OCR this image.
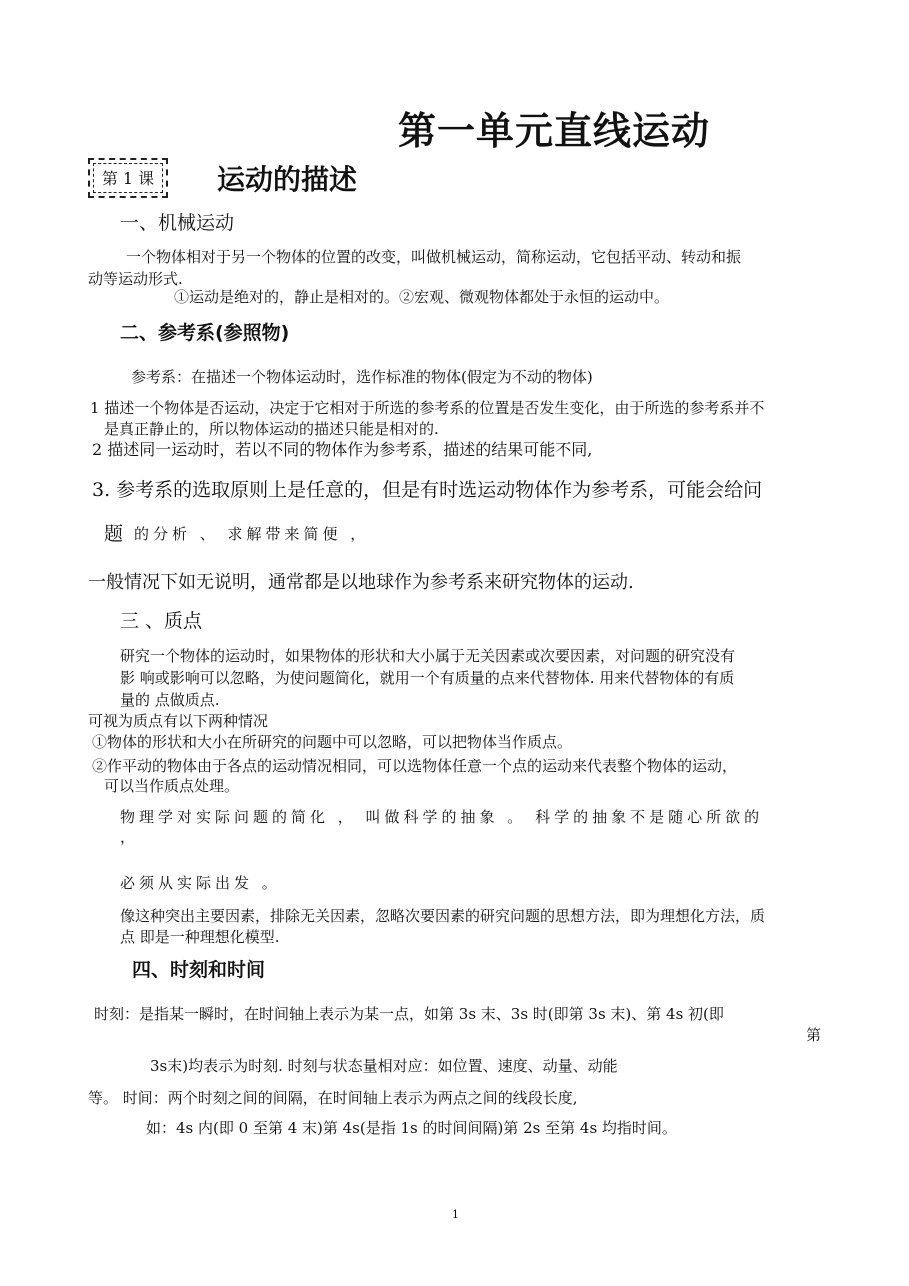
第一单元直线运动
第 1 课	运动的描述
一、机械运动
一个物体相对于另一个物体的位置的改变，叫做机械运动，简称运动，它包括平动、转动和振
动等运动形式.
①运动是绝对的，静止是相对的。②宏观、微观物体都处于永恒的运动中。
二、参考系(参照物)
参考系：在描述一个物体运动时，选作标准的物体(假定为不动的物体)
1 描述一个物体是否运动，决定于它相对于所选的参考系的位置是否发生变化，由于所选的参考系并不
是真正静止的，所以物体运动的描述只能是相对的.
2 描述同一运动时，若以不同的物体作为参考系，描述的结果可能不同,
3. 参考系的选取原则上是任意的，但是有时选运动物体作为参考系，可能会给问
题 的分析 、 求解带来简便 ，
一般情况下如无说明，通常都是以地球作为参考系来研究物体的运动.
三 、质点
研究一个物体的运动时，如果物体的形状和大小属于无关因素或次要因素，对问题的研究没有
影 响或影响可以忽略，为使问题简化，就用一个有质量的点来代替物体. 用来代替物体的有质
量的 点做质点.
可视为质点有以下两种情况
①物体的形状和大小在所研究的问题中可以忽略，可以把物体当作质点。
②作平动的物体由于各点的运动情况相同，可以选物体任意一个点的运动来代表整个物体的运动，
可以当作质点处理。
物理学对实际问题的简化 ， 叫做科学的抽象 。 科学的抽象不是随心所欲的
，
必须从实际出发 。
像这种突出主要因素，排除无关因素，忽略次要因素的研究问题的思想方法，即为理想化方法，质
点 即是一种理想化模型.
四、时刻和时间
时刻：是指某一瞬时，在时间轴上表示为某一点，如第 3s 末、3s 时(即第 3s 末)、第 4s 初(即
第
3s末)均表示为时刻. 时刻与状态量相对应：如位置、速度、动量、动能
等。 时间：两个时刻之间的间隔，在时间轴上表示为两点之间的线段长度,
如：4s 内(即 0 至第 4 末)第 4s(是指 1s 的时间间隔)第 2s 至第 4s 均指时间。
1
